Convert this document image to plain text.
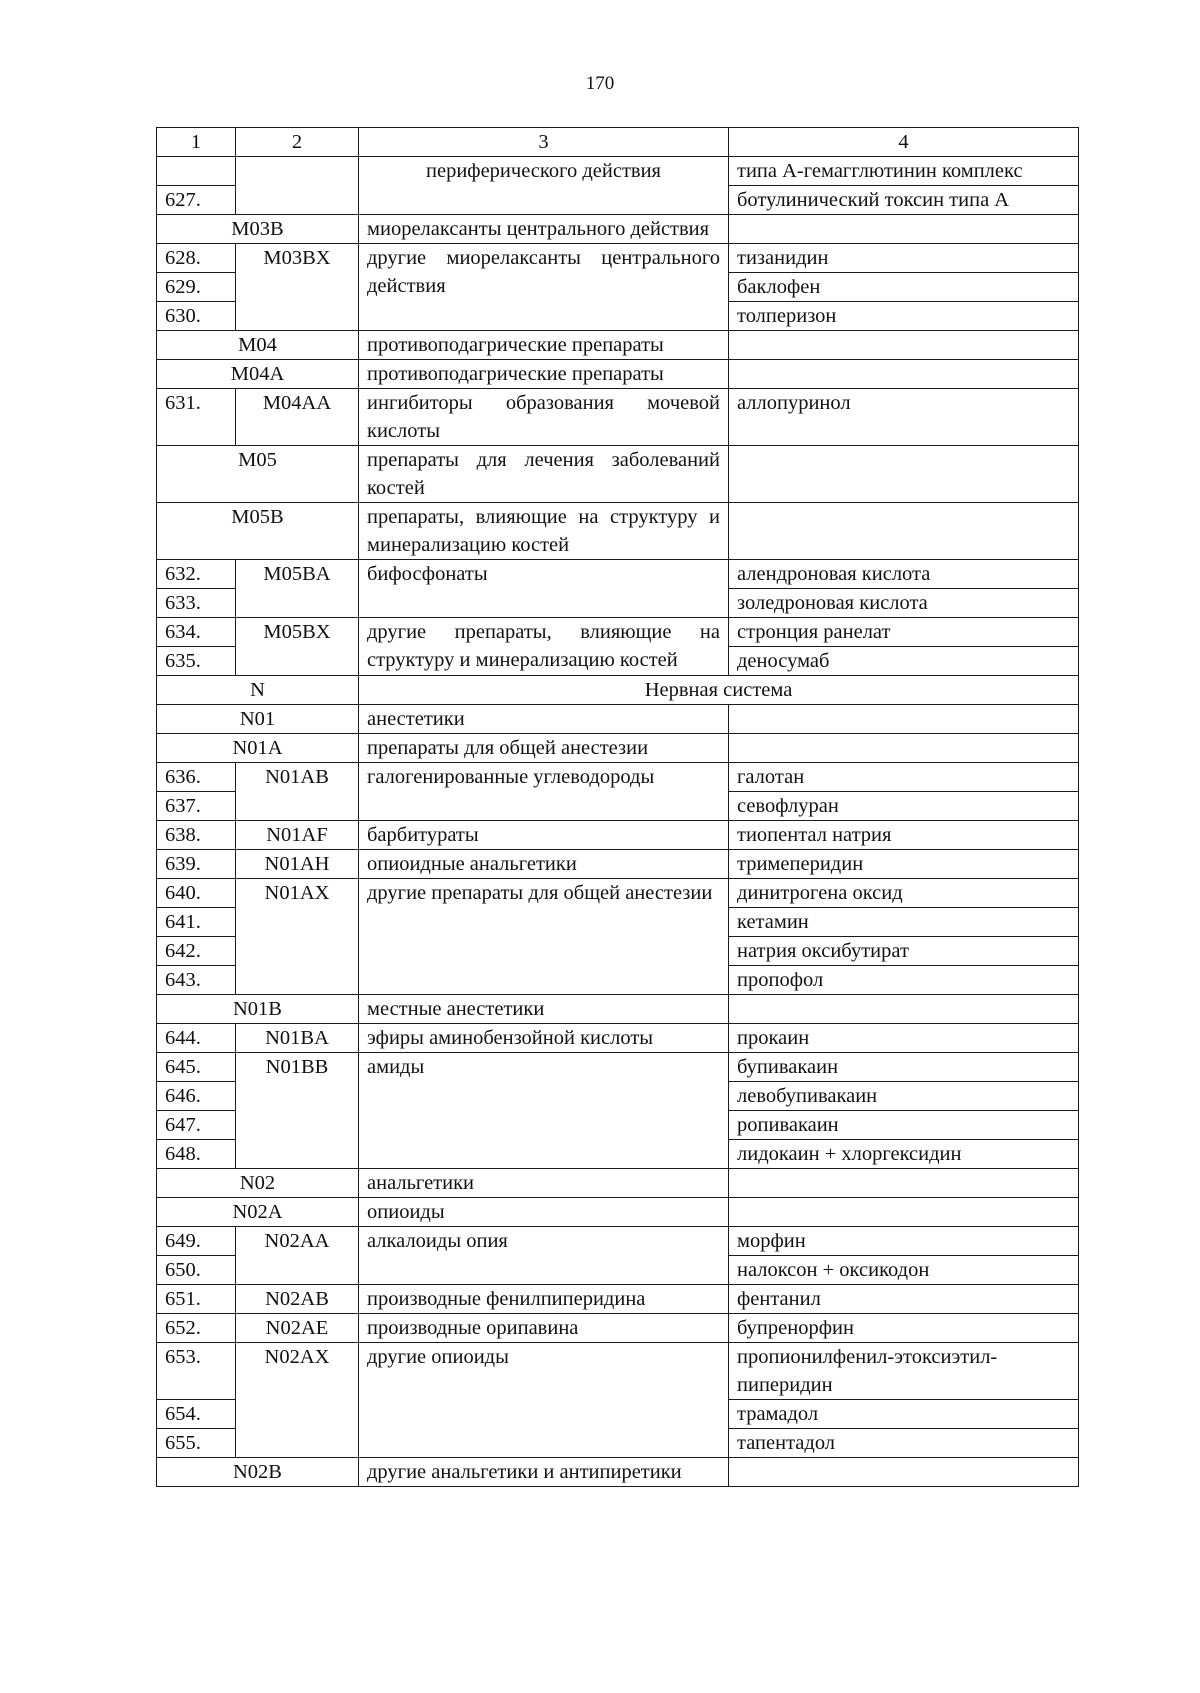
170
1	2	3	4
		периферического действия	типа А-гемагглютинин комплекс
627.			ботулинический токсин типа А
M03B		миорелаксанты центрального действия	
628.	M03BX	другие миорелаксанты центрального действия	тизанидин
629.			баклофен
630.			толперизон
M04		противоподагрические препараты	
M04A		противоподагрические препараты	
631.	M04AA	ингибиторы образования мочевой кислоты	аллопуринол
M05		препараты для лечения заболеваний костей	
M05B		препараты, влияющие на структуру и минерализацию костей	
632.	M05BA	бифосфонаты	алендроновая кислота
633.			золедроновая кислота
634.	M05BX	другие препараты, влияющие на структуру и минерализацию костей	стронция ранелат
635.			деносумаб
N		Нервная система	
N01		анестетики	
N01A		препараты для общей анестезии	
636.	N01AB	галогенированные углеводороды	галотан
637.			севофлуран
638.	N01AF	барбитураты	тиопентал натрия
639.	N01AH	опиоидные анальгетики	тримеперидин
640.	N01AX	другие препараты для общей анестезии	динитрогена оксид
641.			кетамин
642.			натрия оксибутират
643.			пропофол
N01B		местные анестетики	
644.	N01BA	эфиры аминобензойной кислоты	прокаин
645.	N01BB	амиды	бупивакаин
646.			левобупивакаин
647.			ропивакаин
648.			лидокаин + хлоргексидин
N02		анальгетики	
N02A		опиоиды	
649.	N02AA	алкалоиды опия	морфин
650.			налоксон + оксикодон
651.	N02AB	производные фенилпиперидина	фентанил
652.	N02AE	производные орипавина	бупренорфин
653.	N02AX	другие опиоиды	пропионилфенил-этоксиэтил-пиперидин
654.			трамадол
655.			тапентадол
N02B		другие анальгетики и антипиретики	
